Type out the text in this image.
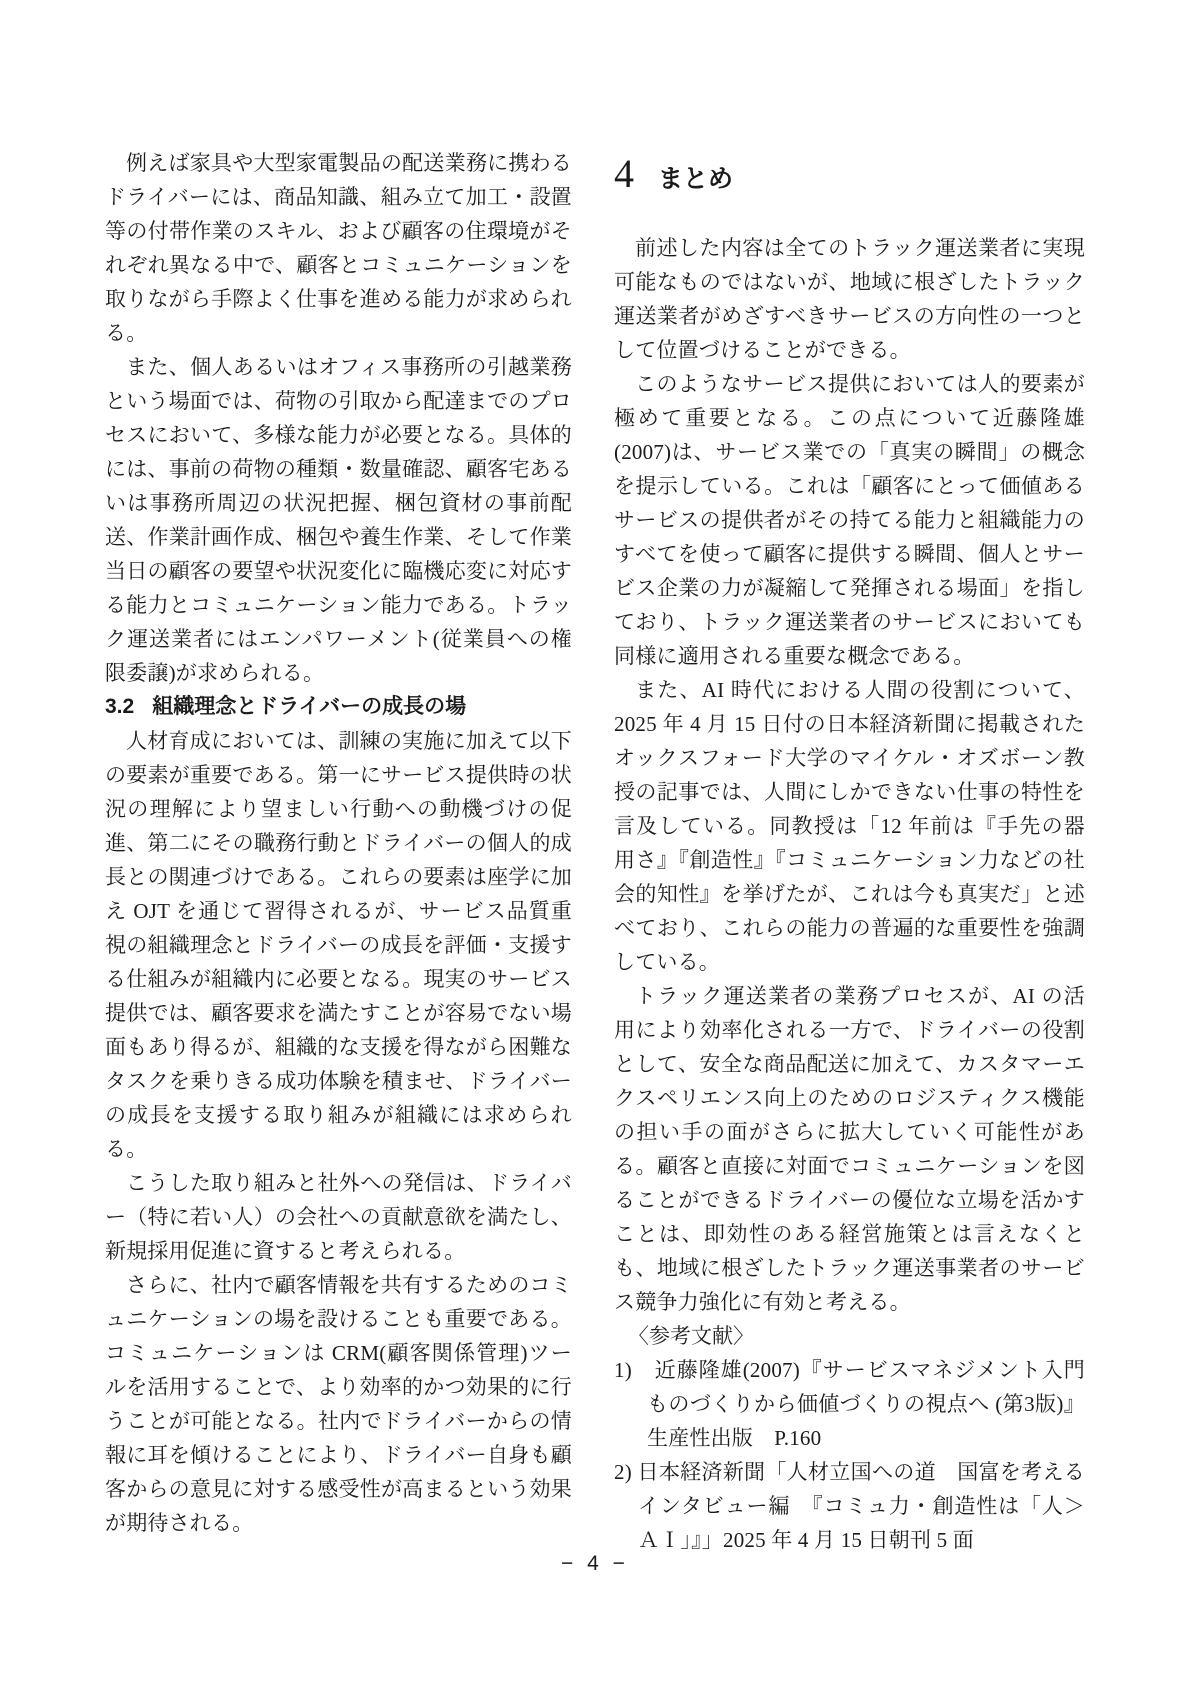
例えば家具や大型家電製品の配送業務に携わるドライバーには、商品知識、組み立て加工・設置等の付帯作業のスキル、および顧客の住環境がそれぞれ異なる中で、顧客とコミュニケーションを取りながら手際よく仕事を進める能力が求められる。

また、個人あるいはオフィス事務所の引越業務という場面では、荷物の引取から配達までのプロセスにおいて、多様な能力が必要となる。具体的には、事前の荷物の種類・数量確認、顧客宅あるいは事務所周辺の状況把握、梱包資材の事前配送、作業計画作成、梱包や養生作業、そして作業当日の顧客の要望や状況変化に臨機応変に対応する能力とコミュニケーション能力である。トラック運送業者にはエンパワーメント(従業員への権限委譲)が求められる。

3.2 組織理念とドライバーの成長の場

人材育成においては、訓練の実施に加えて以下の要素が重要である。第一にサービス提供時の状況の理解により望ましい行動への動機づけの促進、第二にその職務行動とドライバーの個人的成長との関連づけである。これらの要素は座学に加え OJT を通じて習得されるが、サービス品質重視の組織理念とドライバーの成長を評価・支援する仕組みが組織内に必要となる。現実のサービス提供では、顧客要求を満たすことが容易でない場面もあり得るが、組織的な支援を得ながら困難なタスクを乗りきる成功体験を積ませ、ドライバーの成長を支援する取り組みが組織には求められる。

こうした取り組みと社外への発信は、ドライバー（特に若い人）の会社への貢献意欲を満たし、新規採用促進に資すると考えられる。

さらに、社内で顧客情報を共有するためのコミュニケーションの場を設けることも重要である。コミュニケーションは CRM(顧客関係管理)ツールを活用することで、より効率的かつ効果的に行うことが可能となる。社内でドライバーからの情報に耳を傾けることにより、ドライバー自身も顧客からの意見に対する感受性が高まるという効果が期待される。

4 まとめ

前述した内容は全てのトラック運送業者に実現可能なものではないが、地域に根ざしたトラック運送業者がめざすべきサービスの方向性の一つとして位置づけることができる。

このようなサービス提供においては人的要素が極めて重要となる。この点について近藤隆雄(2007)は、サービス業での「真実の瞬間」の概念を提示している。これは「顧客にとって価値あるサービスの提供者がその持てる能力と組織能力のすべてを使って顧客に提供する瞬間、個人とサービス企業の力が凝縮して発揮される場面」を指しており、トラック運送業者のサービスにおいても同様に適用される重要な概念である。

また、AI 時代における人間の役割について、2025 年 4 月 15 日付の日本経済新聞に掲載されたオックスフォード大学のマイケル・オズボーン教授の記事では、人間にしかできない仕事の特性を言及している。同教授は「12 年前は『手先の器用さ』『創造性』『コミュニケーション力などの社会的知性』を挙げたが、これは今も真実だ」と述べており、これらの能力の普遍的な重要性を強調している。

トラック運送業者の業務プロセスが、AI の活用により効率化される一方で、ドライバーの役割として、安全な商品配送に加えて、カスタマーエクスペリエンス向上のためのロジスティクス機能の担い手の面がさらに拡大していく可能性がある。顧客と直接に対面でコミュニケーションを図ることができるドライバーの優位な立場を活かすことは、即効性のある経営施策とは言えなくとも、地域に根ざしたトラック運送事業者のサービス競争力強化に有効と考える。

〈参考文献〉

1)　近藤隆雄(2007)『サービスマネジメント入門　ものづくりから価値づくりの視点へ (第3版)』生産性出版　P.160

2) 日本経済新聞「人材立国への道　国富を考える　インタビュー編　『コミュ力・創造性は「人＞ＡＩ」』」2025 年 4 月 15 日朝刊 5 面

− 4 −
